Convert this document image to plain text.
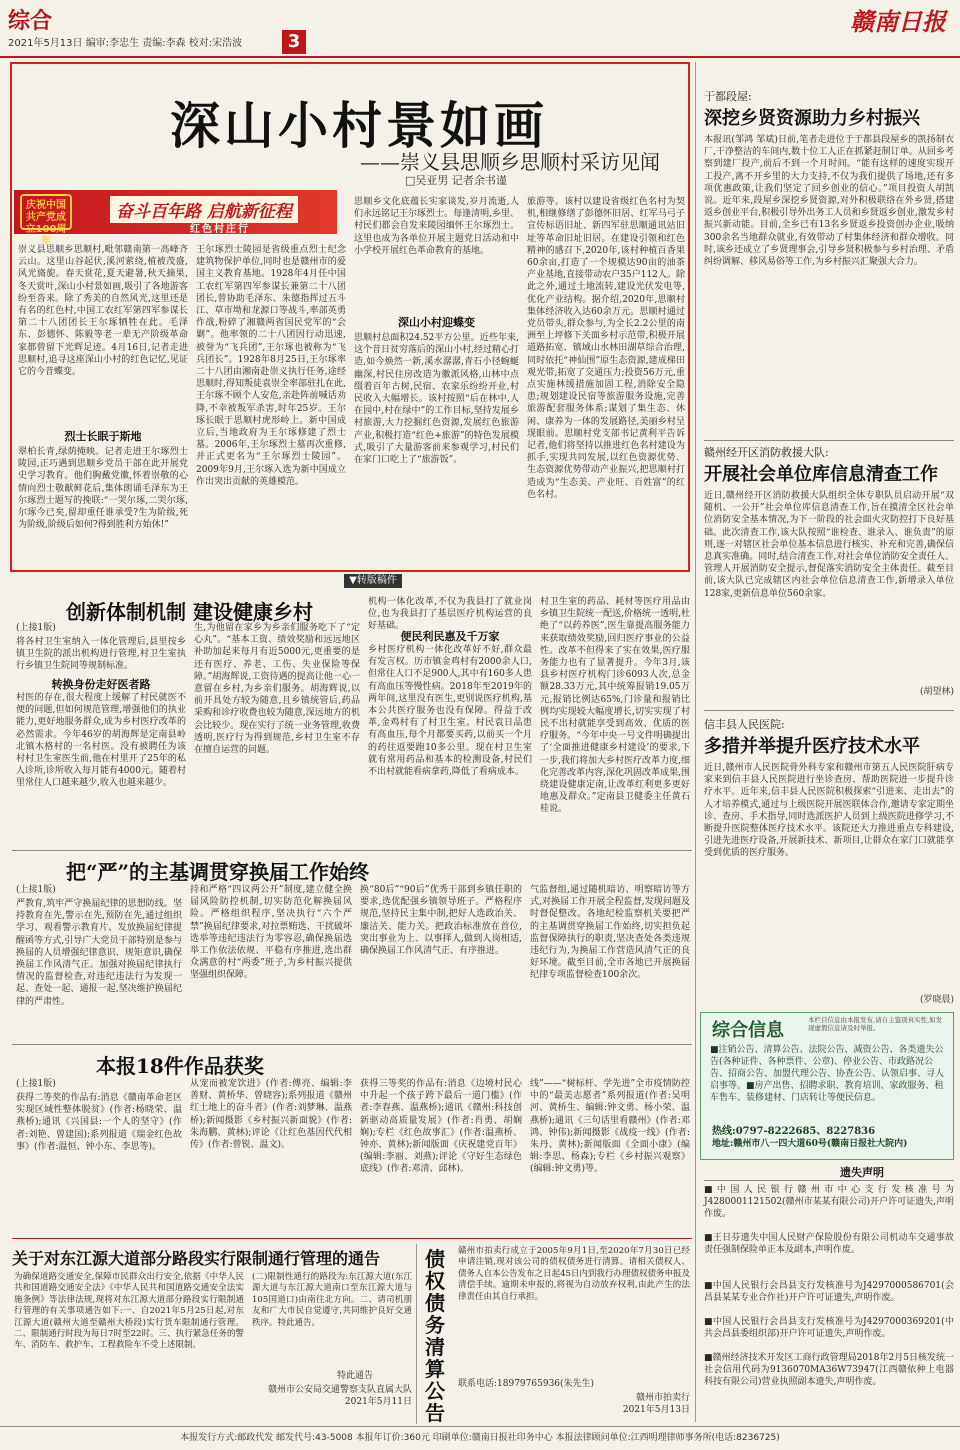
综合
2021年5月13日 编审:李忠生 责编:李森 校对:宋浩波	3
赣南日报
深山小村景如画
——崇义县思顺乡思顺村采访见闻
□吴亚男 记者余书谨
庆祝中国共产党成立100周年
奋斗百年路 启航新征程
红色村庄行
崇义县思顺乡思顺村,毗邻赣南第一高峰齐云山。这里山谷起伏,溪河萦绕,植被茂盛,风光旖旎。春天赏花,夏天避暑,秋天摘果,冬天赏叶,深山小村景如画,吸引了各地游客纷至沓来。除了秀美的自然风光,这里还是有名的红色村,中国工农红军第四军参谋长第二十八团团长王尔琢牺牲在此。毛泽东、彭德怀、陈毅等老一辈无产阶级革命家都曾留下光辉足迹。4月16日,记者走进思顺村,追寻这座深山小村的红色记忆,见证它的今昔蝶变。
烈士长眠于斯地
翠柏长青,绿荫掩映。记者走进王尔琢烈士陵园,正巧遇到思顺乡党员干部在此开展党史学习教育。他们胸戴党徽,怀着崇敬的心情向烈士敬献鲜花后,集体朗诵毛泽东为王尔琢烈士题写的挽联:“一哭尔琢,二哭尔琢,尔琢今已矣,留却重任谁承受?生为阶级,死为阶级,阶级后如何?得到胜利方始休!”
王尔琢烈士陵园是省级重点烈士纪念建筑物保护单位,同时也是赣州市的爱国主义教育基地。1928年4月任中国工农红军第四军参谋长兼第二十八团团长,曾协助毛泽东、朱德指挥过五斗江、草市坳和龙源口等战斗,率部英勇作战,粉碎了湘赣两省国民党军的“会剿”。他率领的二十八团因行动迅速,被誉为“飞兵团”,王尔琢也被称为“飞兵团长”。1928年8月25日,王尔琢率二十八团由湘南赴崇义执行任务,途经思顺时,得知叛徒袁崇全率部驻扎在此,王尔琢不顾个人安危,亲赴阵前喊话劝降,不幸被叛军杀害,时年25岁。王尔琢长眠于思顺村虎形岭上。新中国成立后,当地政府为王尔琢修建了烈士墓。2006年,王尔琢烈士墓再次重修,并正式更名为“王尔琢烈士陵园”。2009年9月,王尔琢入选为新中国成立作出突出贡献的英雄模范。
思顺乡文化底蕴长实家谈发,岁月流逝,人们永远铭记王尔琢烈士。每逢清明,乡里、村民们都会自发来陵园缅怀王尔琢烈士。这里也成为各单位开展主题党日活动和中小学校开展红色革命教育的基地。
深山小村迎蝶变
思顺村总面积24.52平方公里。近些年来,这个昔日贫穷落后的深山小村,经过精心打造,如今焕然一新,溪水潺潺,青石小径蜿蜒幽深,村民住房改造为徽派风格,山林中点缀着百年古树,民宿、农家乐纷纷开业,村民收入大幅增长。该村按照“后在林中,人在园中,村在绿中”的工作目标,坚持发展乡村旅游,大力挖掘红色资源,发展红色旅游产业,积极打造“红色+旅游”的特色发展模式,吸引了大量游客前来参观学习,村民们在家门口吃上了“旅游饭”。
旅游等。该村以建设省级红色名村为契机,相继修缮了彭德怀旧居、红军马弓子宣传标语旧址、新四军驻思顺通讯站旧址等革命旧址旧居。在建设引领和红色精神的感召下,2020年,该村种植百香果60余亩,打造了一个规模达90亩的油茶产业基地,直接带动农户35户112人。除此之外,通过土地流转,建设光伏发电等,优化产业结构。据介绍,2020年,思顺村集体经济收入达60余万元。思顺村通过党员带头,群众参与,为全长2.2公里的南洲至上坪修下关面乡村示范带,积极开展道路拓宽、镇域山水林田湖草综合治理,同时依托“神仙围”原生态资源,建成梯田观光带,拓宽了交通压力;投资56万元,重点实施林缓措施加固工程,消除安全隐患;规划建设民宿等旅游服务设施,完善旅游配套服务体系;谋划了集生态、休闲、康养为一体的发展路径,美丽乡村呈现眼前。思顺村党支部书记黄利平告诉记者,他们将坚持以推进红色名村建设为抓手,实现共同发展,以红色资源优势、生态资源优势带动产业振兴,把思顺村打造成为“生态美、产业旺、百姓富”的红色名村。
▼转版稿件
创新体制机制 建设健康乡村
(上接1版)
将各村卫生室纳入一体化管理后,县里按乡镇卫生院的派出机构进行管理,村卫生室执行乡镇卫生院同等规制标准。
转换身份走好医者路
村医的存在,很大程度上缓解了村民就医不便的问题,但如何规范管理,增强他们的执业能力,更好地服务群众,成为乡村医疗改革的必然需求。今年46岁的胡海辉是定南县岭北镇木格村的一名村医。没有被聘任为该村村卫生室医生前,他在村里开了25年的私人诊所,诊所收入每月能有4000元。随着村里常住人口越来越少,收入也越来越少。
生,为他留在家乡为乡亲们服务吃下了“定心丸”。“基本工资、绩效奖励和远远地区补助加起来每月有近5000元,更重要的是还有医疗、养老、工伤、失业保险等保障。”胡海辉说,工资待遇的提高让他一心一意留在乡村,为乡亲们服务。胡海辉说,以前开具处方较为随意,且乡镇统管后,药品采购和诊疗收费也较为随意,深远地方的机会比较少。现在实行了统一业务管理,收费透明,医疗行为得到规范,乡村卫生室不存在擅自运营的问题。
机构一体化改革,不仅为我县打了就业岗位,也为我县打了基层医疗机构运营的良好基础。
便民利民惠及千万家
乡村医疗机构一体化改革好不好,群众最有发言权。历市镇金鸡村有2000余人口,但常住人口不足900人,其中有160多人患有高血压等慢性病。2018年至2019年的两年间,这里没有医生,更别说医疗机构,基本公共医疗服务也没有保障。得益于改革,金鸡村有了村卫生室。村民袁日品患有高血压,每个月都要买药,以前买一个月的药往返要跑10多公里。现在村卫生室就有常用药品和基本的检测设备,村民们不出村就能看病拿药,降低了看病成本。
村卫生室的药品、耗材等医疗用品由乡镇卫生院统一配送,价格统一透明,杜绝了“以药养医”,医生靠提高服务能力来获取绩效奖励,回归医疗事业的公益性。改革不但得来了实在效果,医疗服务能力也有了显著提升。今年3月,该县乡村医疗机构门诊6093人次,总金额28.33万元,其中统筹报销19.05万元,报销比例达65%,门诊量和报销比例均实现较大幅度增长,切实实现了村民不出村就能享受到高效、优质的医疗服务。“今年中央一号文件明确提出了‘全面推进健康乡村建设’的要求,下一步,我们将加大乡村医疗改革力度,细化完善改革内容,深化巩固改革成果,围绕建设健康定南,让改革红利更多更好地惠及群众。”定南县卫健委主任黄石桂说。
把“严”的主基调贯穿换届工作始终
(上接1版)
严教育,筑牢严守换届纪律的思想防线。坚持教育在先,警示在先,预防在先,通过组织学习、观看警示教育片、发放换届纪律提醒函等方式,引导广大党员干部特别是参与换届的人员增强纪律意识、规矩意识,确保换届工作风清气正。加强对换届纪律执行情况的监督检查,对违纪违法行为发现一起、查处一起、通报一起,坚决维护换届纪律的严肃性。
持和严格“四议两公开”制度,建立健全换届风险防控机制,切实防范化解换届风险。严格组织程序,坚决执行“六个严禁”换届纪律要求,对拉票贿选、干扰破坏选举等违纪违法行为零容忍,确保换届选举工作依法依规、平稳有序推进,选出群众满意的村“两委”班子,为乡村振兴提供坚强组织保障。
换“80后”“90后”优秀干部到乡镇任职的要求,选优配强乡镇领导班子。严格程序规范,坚持民主集中制,把好人选政治关、廉洁关、能力关。把政治标准放在首位,突出事业为上、以事择人,做到人岗相适,确保换届工作风清气正、有序推进。
气监督组,通过随机暗访、明察暗访等方式,对换届工作开展全程监督,发现问题及时督促整改。各地纪检监察机关要把严的主基调贯穿换届工作始终,切实担负起监督保障执行的职责,坚决查处各类违规违纪行为,为换届工作营造风清气正的良好环境。截至目前,全市各地已开展换届纪律专项监督检查100余次。
本报18件作品获奖
(上接1版)
获得二等奖的作品有:消息《赣南革命老区实现区域性整体脱贫》(作者:杨晓荣、温燕桥);通讯《兴国县:一个人的坚守》(作者:刘艳、曾建国);系列报道《瑞金红色故事》(作者:温恒、钟小东、李思等)。
从宠而被宠饮进》(作者:傅亮、编辑:李善财、黄桥华、曾晓容);系列报道《赣州红土地上的奋斗者》(作者:刘梦琳、温燕桥);新闻摄影《乡村振兴新面貌》(作者:朱海鹏、黄林);评论《让红色基因代代相传》(作者:曾锐、温文)。
获得三等奖的作品有:消息《边境村民心中升起一个孩子跨下最后一道门槛》(作者:李春燕、温燕桥);通讯《赣州:科技创新驱动高质量发展》(作者:肖勇、胡娴娴);专栏《红色故事汇》(作者:温燕桥、钟亦、黄林);新闻版面《庆祝建党百年》(编辑:李丽、刘燕);评论《守好生态绿色底线》(作者:邓清、邱林)。
线”——“树标杆、学先进”全市疫情防控中的“最美志愿者”系列报道(作者:吴明河、黄桥生、编辑:钟文勇、杨小荣、温燕桥);通讯《三句话里看赣州》(作者:邓鸿、钟伟);新闻摄影《战疫一线》(作者:朱丹、黄林);新闻版面《全面小康》(编辑:李思、杨森);专栏《乡村振兴观察》(编辑:钟文勇)等。
关于对东江源大道部分路段实行限制通行管理的通告
为确保道路交通安全,保障市民群众出行安全,依据《中华人民共和国道路交通安全法》《中华人民共和国道路交通安全法实施条例》等法律法规,现将对东江源大道部分路段实行限制通行管理的有关事项通告如下:一、自2021年5月25日起,对东江源大道(赣州大道至赣州大桥段)实行货车限制通行管理。二、限制通行时段为每日7时至22时。三、执行紧急任务的警车、消防车、救护车、工程救险车不受上述限制。
(二)限制性通行的路段为:东江源大道(东江源大道与东江源大道南口至东江源大道与105国道口)由南往北方向。二、请司机朋友和广大市民自觉遵守,共同维护良好交通秩序。特此通告。
特此通告
赣州市公安局交通警察支队直属大队
2021年5月11日
债权债务清算公告
赣州市拍卖行成立于2005年9月1日,至2020年7月30日已经申请注销,现对该公司的债权债务进行清算。请相关债权人、债务人自本公告发布之日起45日内到我行办理债权债务申报及清偿手续。逾期未申报的,将视为自动放弃权利,由此产生的法律责任由其自行承担。
联系电话:18979765936(朱先生)
赣州市拍卖行
2021年5月13日
于都段屋:
深挖乡贤资源助力乡村振兴
本报讯(邹鸿 邹斌)日前,笔者走进位于于都县段屋乡的凯扬制衣厂,干净整洁的车间内,数十位工人正在抓紧赶制订单。从回乡考察到建厂投产,前后不到一个月时间。“能有这样的速度实现开工投产,离不开乡里的大力支持,不仅为我们提供了场地,还有多项优惠政策,让我们坚定了回乡创业的信心。”项目投资人胡凯说。近年来,段屋乡深挖乡贤资源,对外积极联络在外乡贤,搭建返乡创业平台,积极引导外出务工人员和乡贤返乡创业,激发乡村振兴新动能。目前,全乡已有13名乡贤返乡投资创办企业,吸纳300余名当地群众就业,有效带动了村集体经济和群众增收。同时,该乡还成立了乡贤理事会,引导乡贤积极参与乡村治理、矛盾纠纷调解、移风易俗等工作,为乡村振兴汇聚强大合力。
赣州经开区消防救援大队:
开展社会单位库信息清查工作
近日,赣州经开区消防救援大队组织全体专职队员启动开展“双随机、一公开”社会单位库信息清查工作,旨在摸清全区社会单位消防安全基本情况,为下一阶段的社会面火灾防控打下良好基础。此次清查工作,该大队按照“谁检查、谁录入、谁负责”的原则,逐一对辖区社会单位基本信息进行核实、补充和完善,确保信息真实准确。同时,结合清查工作,对社会单位消防安全责任人、管理人开展消防安全提示,督促落实消防安全主体责任。截至目前,该大队已完成辖区内社会单位信息清查工作,新增录入单位128家,更新信息单位560余家。
(胡望林)
信丰县人民医院:
多措并举提升医疗技术水平
近日,赣州市人民医院骨外科专家和赣州市第五人民医院肝病专家来到信丰县人民医院进行坐诊查房、帮助医院进一步提升诊疗水平。近年来,信丰县人民医院积极探索“引进来、走出去”的人才培养模式,通过与上级医院开展医联体合作,邀请专家定期坐诊、查房、手术指导,同时选派医护人员到上级医院进修学习,不断提升医院整体医疗技术水平。该院还大力推进重点专科建设,引进先进医疗设备,开展新技术、新项目,让群众在家门口就能享受到优质的医疗服务。
(罗晓晨)
综合信息	本栏目信息由本报发布,请自主鉴别真实性,如发现虚假信息请及时举报。
■注销公告、清算公告、法院公告、减资公告、各类遗失公告(各种证件、各种票件、公章)、停业公告、市政路况公告、招商公告、加盟代理公告、协查公告、认领启事、寻人启事等。■房产出售、招聘求职、教育培训、家政服务、租车售车、装修建材、门店转让等便民信息。
热线:0797-8222685、8227836
地址:赣州市八一四大道60号(赣南日报社大院内)
遗失声明
■中国人民银行赣州市中心支行发核准号为J4280001121502(赣州市某某有限公司)开户许可证遗失,声明作废。
■王日芬遗失中国人民财产保险股份有限公司机动车交通事故责任强制保险单正本及副本,声明作废。
■中国人民银行会昌县支行发核准号为J4297000586701(会昌县某某专业合作社)开户许可证遗失,声明作废。
■中国人民银行会昌县支行发核准号为J4297000369201(中共会昌县委组织部)开户许可证遗失,声明作废。
■赣州经济技术开发区工商行政管理局2018年2月5日核发统一社会信用代码为9136070MA36W73947(江西赣依种上电器科技有限公司)营业执照副本遗失,声明作废。
本报发行方式:邮政代发 邮发代号:43-5008 本报年订价:360元 印刷单位:赣南日报社印务中心 本报法律顾问单位:江西明理律师事务所(电话:8236725)
